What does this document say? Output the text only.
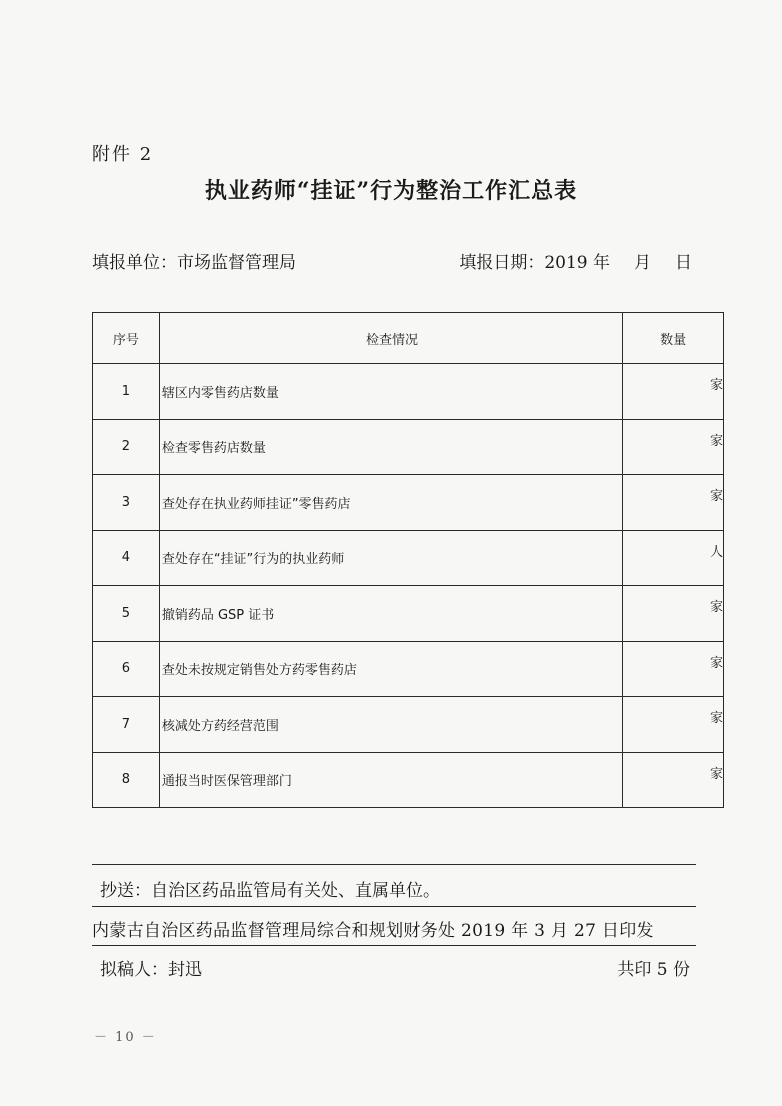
附件 2
执业药师“挂证”行为整治工作汇总表
填报单位：市场监督管理局	填报日期：2019 年 月 日
序号	检查情况	数量
1	辖区内零售药店数量	家
2	检查零售药店数量	家
3	查处存在执业药师挂证”零售药店	家
4	查处存在“挂证”行为的执业药师	人
5	撤销药品 GSP 证书	家
6	查处未按规定销售处方药零售药店	家
7	核减处方药经营范围	家
8	通报当时医保管理部门	家
抄送：自治区药品监管局有关处、直属单位。
内蒙古自治区药品监督管理局综合和规划财务处 2019 年 3 月 27 日印发
拟稿人：封迅	共印 5 份
－ 10 －
